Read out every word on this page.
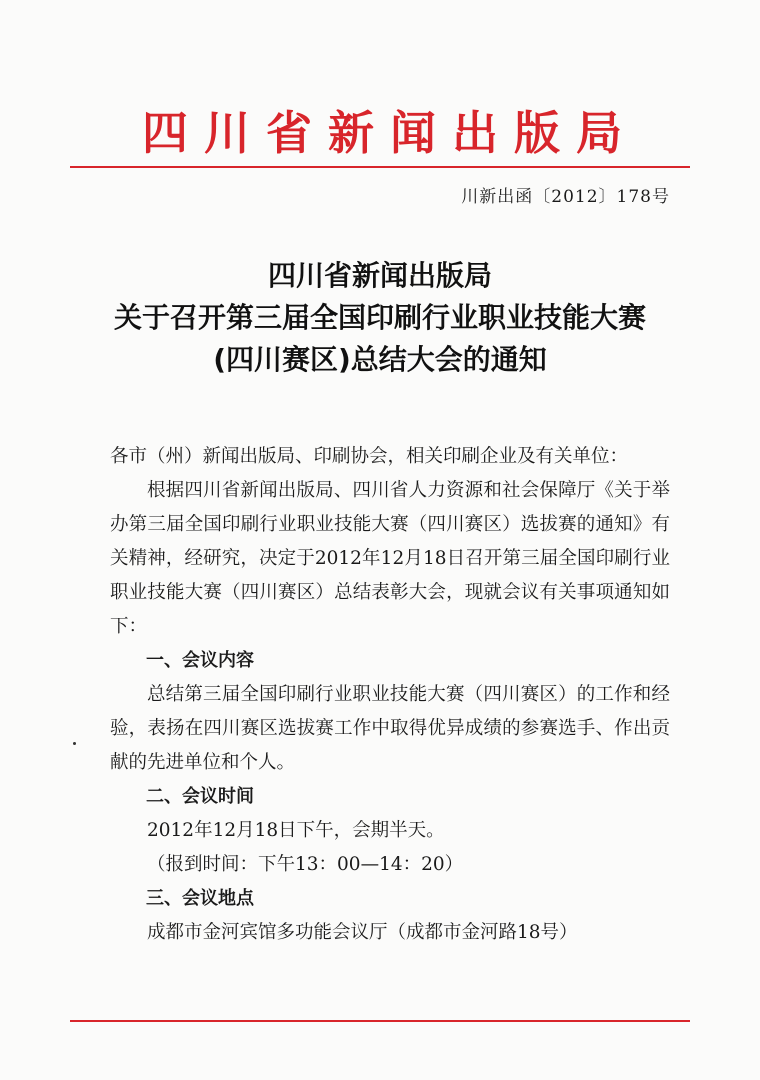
四川省新闻出版局
川新出函〔2012〕178号
四川省新闻出版局
关于召开第三届全国印刷行业职业技能大赛
(四川赛区)总结大会的通知

各市（州）新闻出版局、印刷协会，相关印刷企业及有关单位：

根据四川省新闻出版局、四川省人力资源和社会保障厅《关于举办第三届全国印刷行业职业技能大赛（四川赛区）选拔赛的通知》有关精神，经研究，决定于2012年12月18日召开第三届全国印刷行业职业技能大赛（四川赛区）总结表彰大会，现就会议有关事项通知如下：

一、会议内容

总结第三届全国印刷行业职业技能大赛（四川赛区）的工作和经验，表扬在四川赛区选拔赛工作中取得优异成绩的参赛选手、作出贡献的先进单位和个人。

二、会议时间

2012年12月18日下午，会期半天。

（报到时间：下午13：00—14：20）

三、会议地点

成都市金河宾馆多功能会议厅（成都市金河路18号）
